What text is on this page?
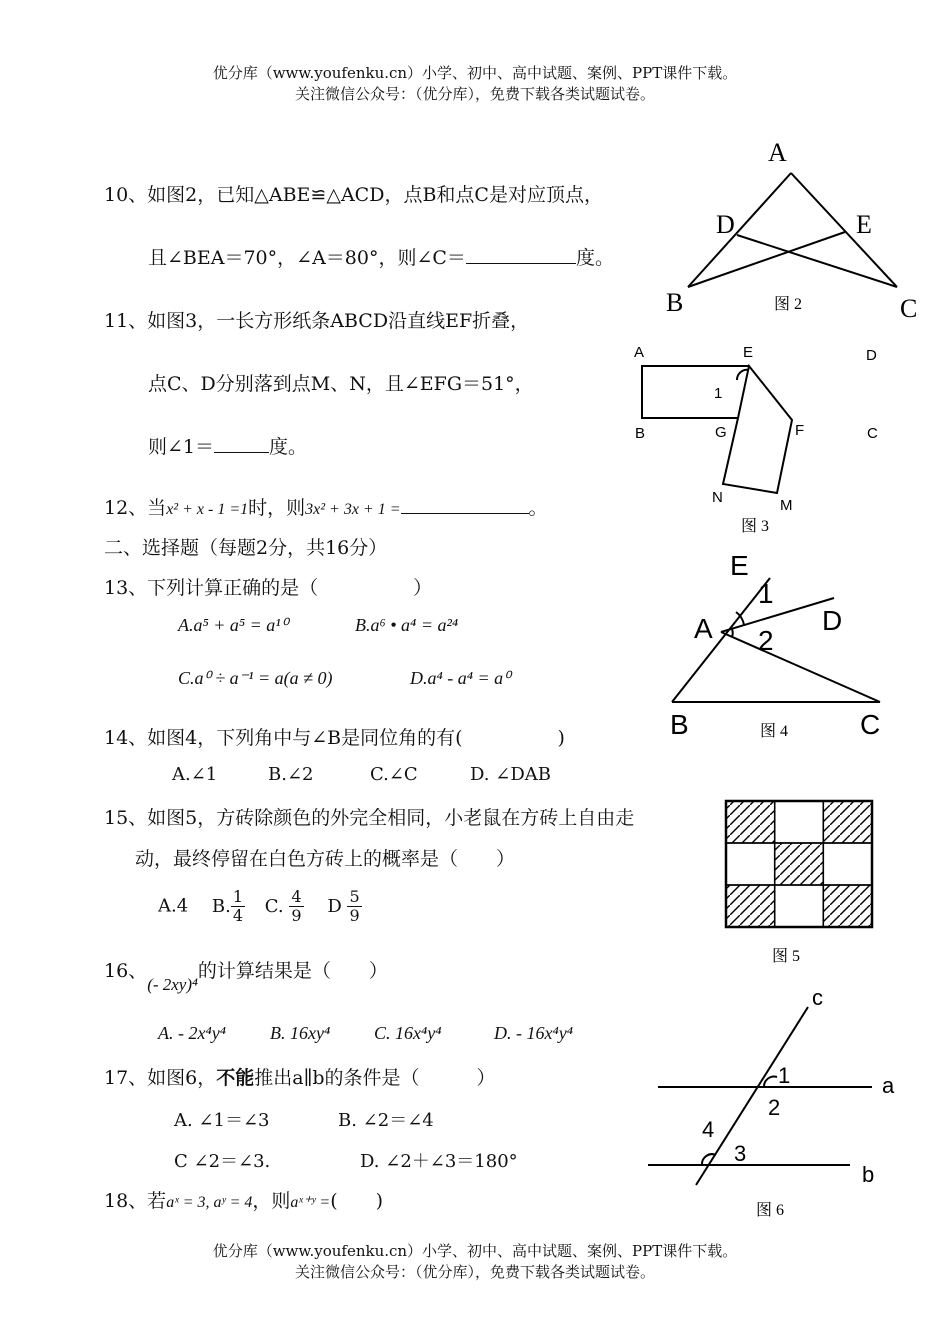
优分库（www.youfenku.cn）小学、初中、高中试题、案例、PPT课件下载。
关注微信公众号：（优分库），免费下载各类试题试卷。
10、如图2，已知△ABE≌△ACD，点B和点C是对应顶点，
且∠BEA＝70°，∠A＝80°，则∠C＝	度。
11、如图3，一长方形纸条ABCD沿直线EF折叠，
点C、D分别落到点M、N，且∠EFG＝51°，
则∠1＝	度。
12、当x² + x - 1 =1时，则3x² + 3x + 1 =	。
二、选择题（每题2分，共16分）
13、下列计算正确的是（　　　　　）
A.a⁵ + a⁵ = a¹⁰	B.a⁶ • a⁴ = a²⁴
C.a⁰ ÷ a⁻¹ = a(a ≠ 0)	D.a⁴ - a⁴ = a⁰
14、如图4，下列角中与∠B是同位角的有(　　　　　)
A.∠1	B.∠2	C.∠C	D. ∠DAB
15、如图5，方砖除颜色的外完全相同，小老鼠在方砖上自由走
动，最终停留在白色方砖上的概率是（　　）
A.4 B. $\frac{1}{4} C$. $\frac{4}{9}$ D $\frac{5}{9}$
16、(- 2xy)⁴的计算结果是（　　）
A. - 2x⁴y⁴ B. 16xy⁴ C. 16x⁴y⁴	D. - 16x⁴y⁴
17、如图6，不能推出a∥b的条件是（　　　）
A. ∠1＝∠3	B. ∠2＝∠4
C ∠2＝∠3.	D. ∠2＋∠3＝180°
18、若aˣ = 3, aʸ = 4，则aˣ⁺ʸ =(　　)
优分库（www.youfenku.cn）小学、初中、高中试题、案例、PPT课件下载。
关注微信公众号：（优分库），免费下载各类试题试卷。
A
D	E
B	C
图 2
A	E	D
1
B	G	F	C
N	M
图 3
E
1
D
A 2
B	图 4	C
图 5
c
1	a
2
4
3
b
图 6
